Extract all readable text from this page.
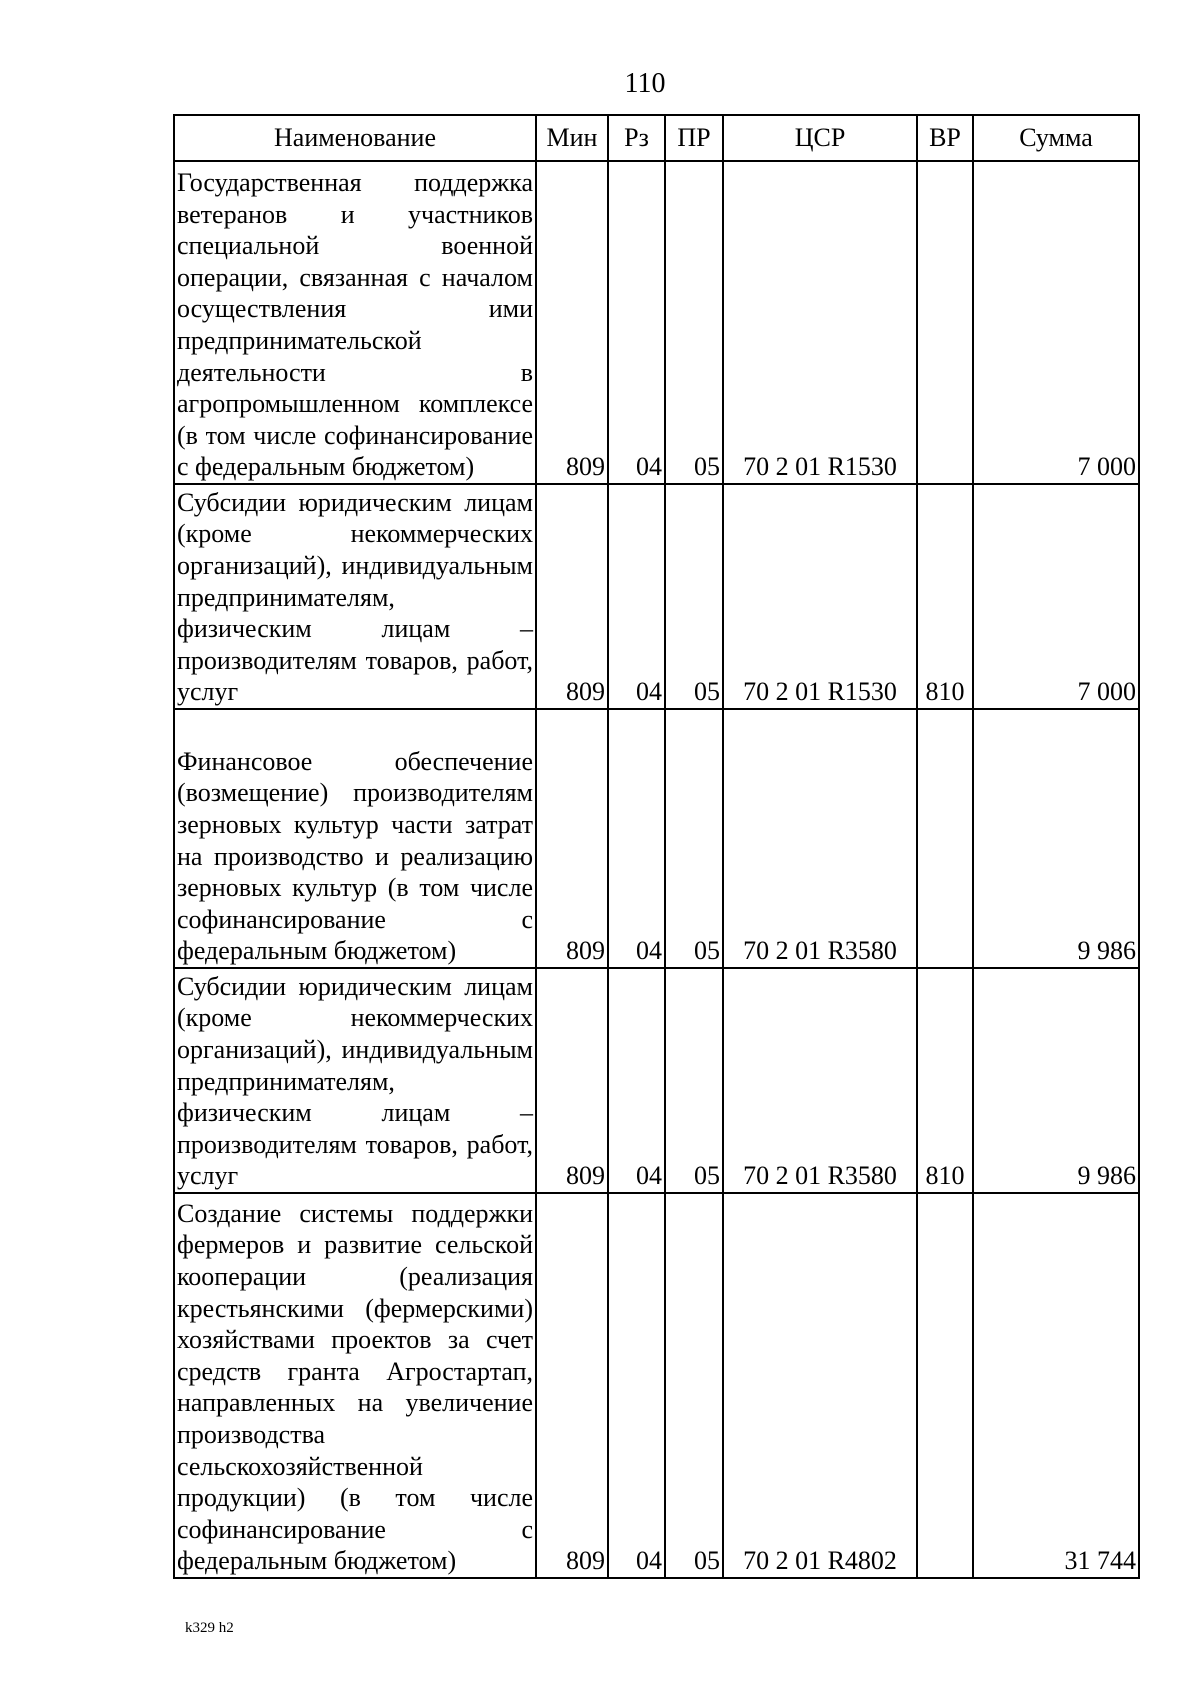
110
Наименование	Мин	Рз	ПР	ЦСР	ВР	Сумма
Государственная поддержка ветеранов и участников специальной военной операции, связанная с началом осуществления ими предпринимательской деятельности в агропромышленном комплексе (в том числе софинансирование с федеральным бюджетом)	809	04	05	70 2 01 R1530		7 000
Субсидии юридическим лицам (кроме некоммерческих организаций), индивидуальным предпринимателям, физическим лицам – производителям товаров, работ, услуг	809	04	05	70 2 01 R1530	810	7 000
Финансовое обеспечение (возмещение) производителям зерновых культур части затрат на производство и реализацию зерновых культур (в том числе софинансирование с федеральным бюджетом)	809	04	05	70 2 01 R3580		9 986
Субсидии юридическим лицам (кроме некоммерческих организаций), индивидуальным предпринимателям, физическим лицам – производителям товаров, работ, услуг	809	04	05	70 2 01 R3580	810	9 986
Создание системы поддержки фермеров и развитие сельской кооперации (реализация крестьянскими (фермерскими) хозяйствами проектов за счет средств гранта Агростартап, направленных на увеличение производства сельскохозяйственной продукции) (в том числе софинансирование с федеральным бюджетом)	809	04	05	70 2 01 R4802		31 744
k329 h2
